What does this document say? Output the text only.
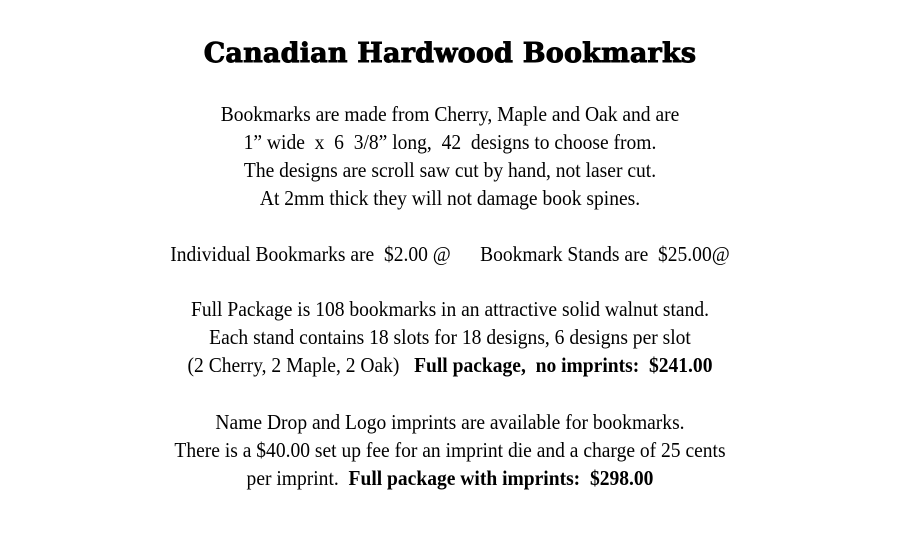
Canadian Hardwood Bookmarks
Bookmarks are made from Cherry, Maple and Oak and are
1” wide  x  6  3/8” long,  42  designs to choose from.
The designs are scroll saw cut by hand, not laser cut.
At 2mm thick they will not damage book spines.
Individual Bookmarks are  $2.00 @ Bookmark Stands are  $25.00@
Full Package is 108 bookmarks in an attractive solid walnut stand.
Each stand contains 18 slots for 18 designs, 6 designs per slot
(2 Cherry, 2 Maple, 2 Oak) Full package,  no imprints:  $241.00
Name Drop and Logo imprints are available for bookmarks.
There is a $40.00 set up fee for an imprint die and a charge of 25 cents
per imprint. Full package with imprints:  $298.00
